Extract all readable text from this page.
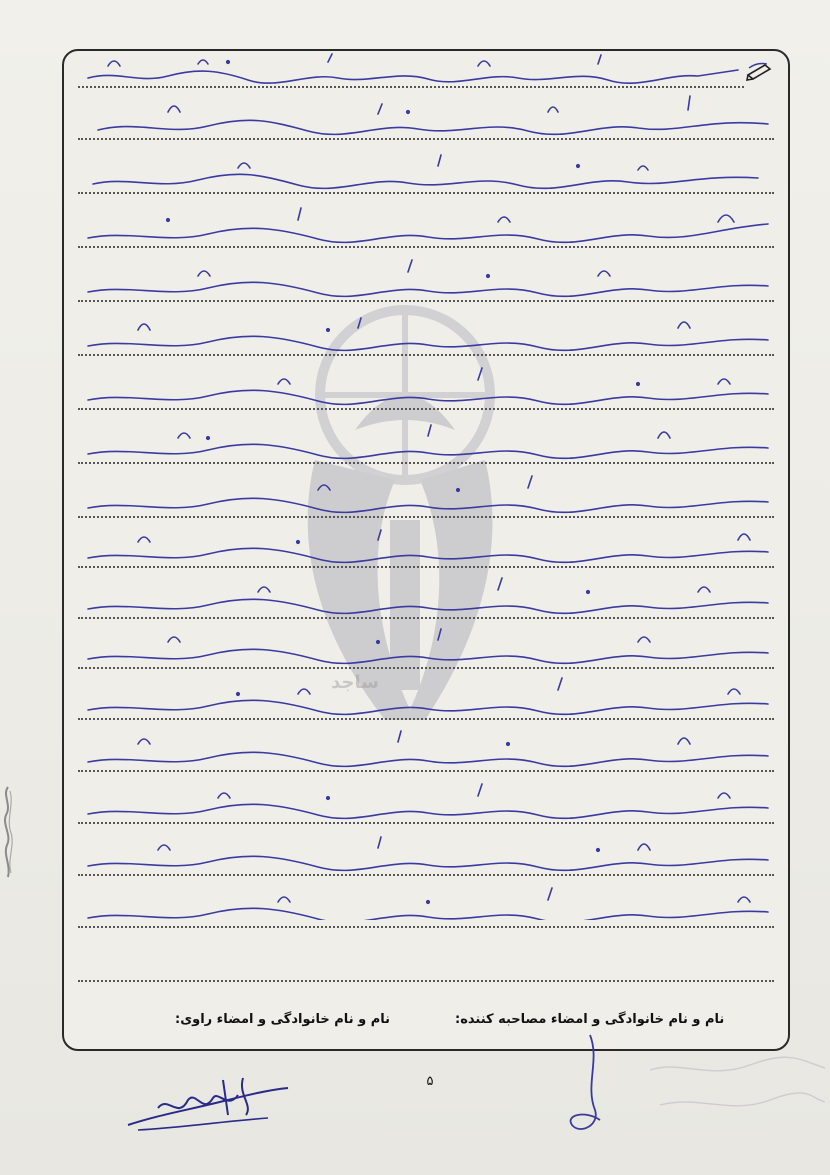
ساجد
نام و نام خانوادگی و امضاء مصاحبه کننده:
نام و نام خانوادگی و امضاء راوی:
۵
